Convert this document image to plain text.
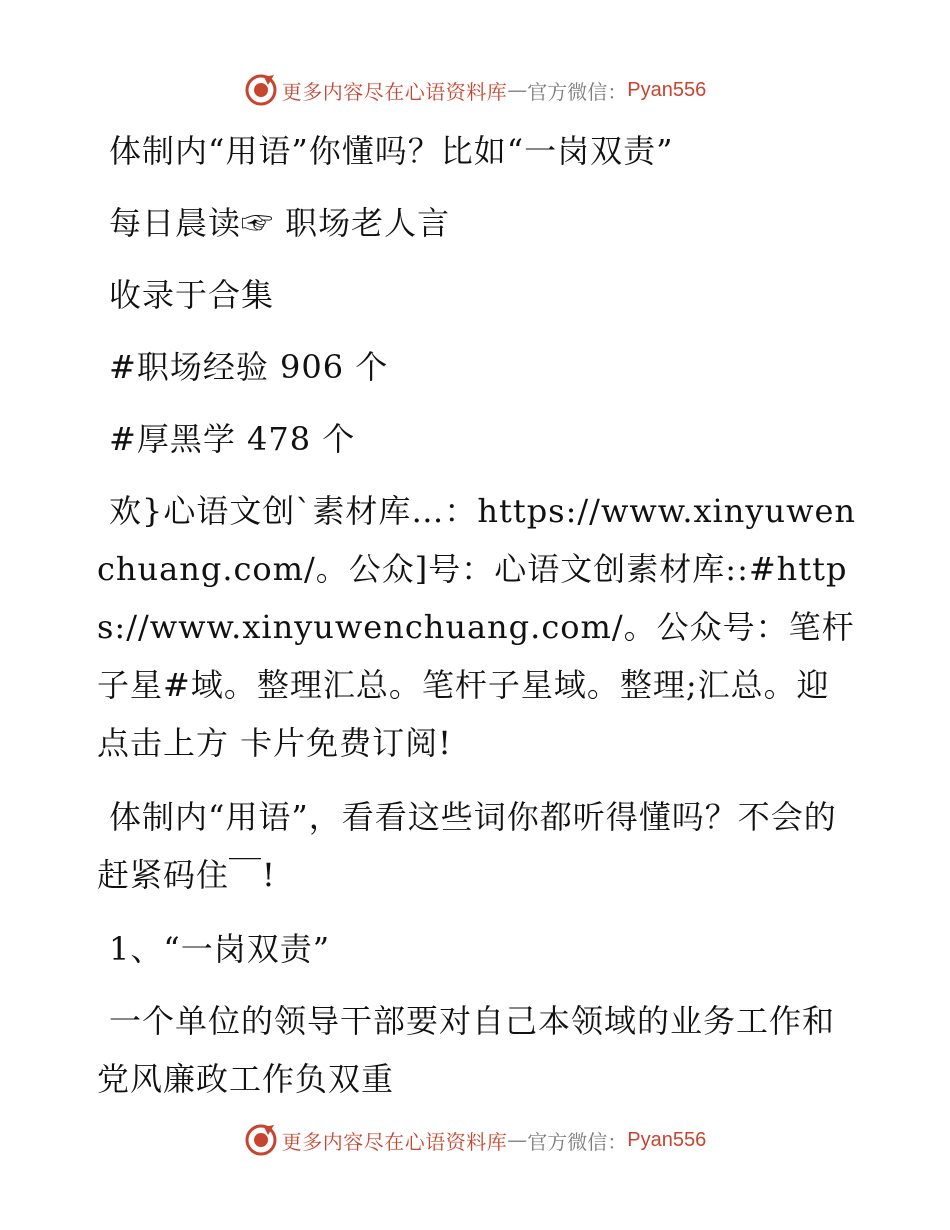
更多内容尽在心语资料库 — 官方微信： Pyan556

体制内“用语”你懂吗？比如“一岗双责”

每日晨读☞ 职场老人言

收录于合集

#职场经验 906 个

#厚黑学 478 个

欢}心语文创`素材库…：https://www.xinyuwenchuang.com/。公众]号：心语文创素材库::#https://www.xinyuwenchuang.com/。公众号：笔杆子星#域。整理汇总。笔杆子星域。整理;汇总。迎点击上方 卡片免费订阅!

体制内“用语”，看看这些词你都听得懂吗？不会的赶紧码住￣!

1、“一岗双责”

一个单位的领导干部要对自己本领域的业务工作和党风廉政工作负双重

更多内容尽在心语资料库 — 官方微信： Pyan556
